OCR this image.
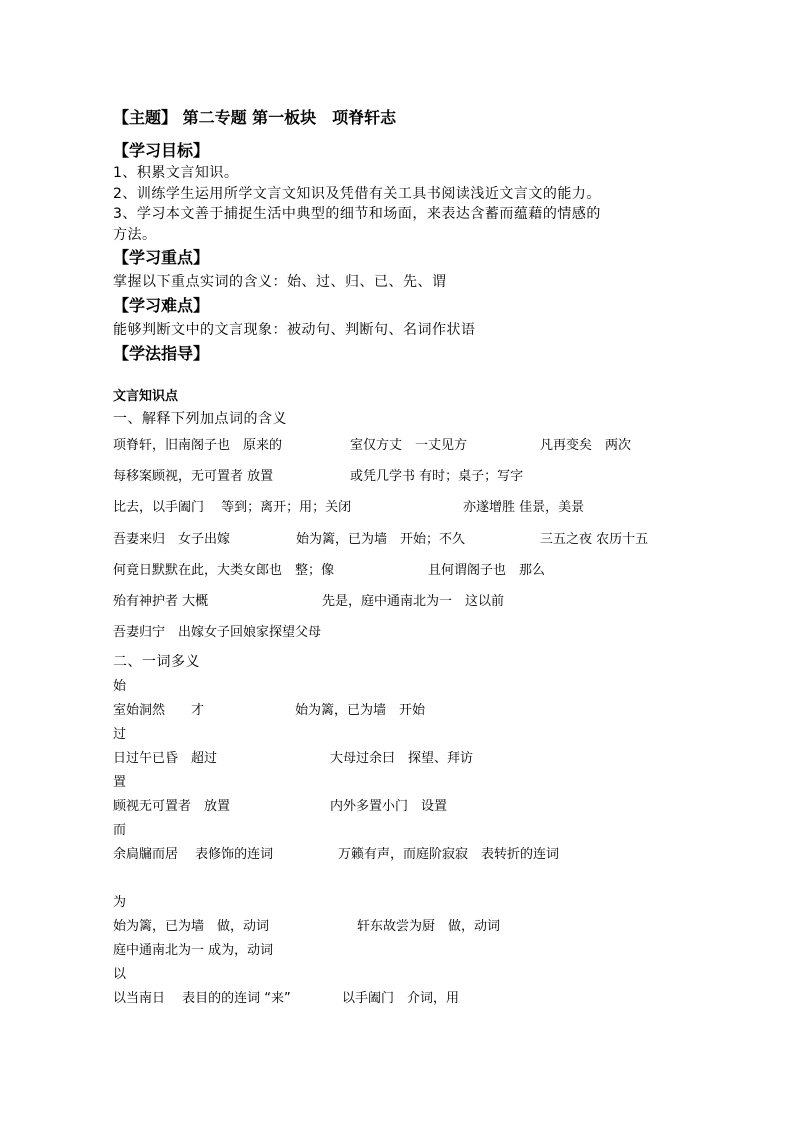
【主题】 第二专题 第一板块　项脊轩志
【学习目标】
1、积累文言知识。
2、训练学生运用所学文言文知识及凭借有关工具书阅读浅近文言文的能力。
3、学习本文善于捕捉生活中典型的细节和场面，来表达含蓄而蕴藉的情感的
方法。
【学习重点】
掌握以下重点实词的含义：始、过、归、已、先、谓
【学习难点】
能够判断文中的文言现象：被动句、判断句、名词作状语
【学法指导】
文言知识点
一、解释下列加点词的含义
项脊轩，旧南阁子也　原来的	室仅方丈　一丈见方	凡再变矣　两次
每移案顾视，无可置者 放置	或凭几学书 有时；桌子；写字
比去，以手阖门　 等到；离开；用；关闭	亦遂增胜 佳景，美景
吾妻来归　女子出嫁	始为篱，已为墙　开始；不久	三五之夜 农历十五
何竟日默默在此，大类女郎也　整；像	且何谓阁子也　那么
殆有神护者 大概	先是，庭中通南北为一　这以前
吾妻归宁　出嫁女子回娘家探望父母
二、一词多义
始
室始洞然　　才	始为篱，已为墙　开始
过
日过午已昏　超过	大母过余曰　探望、拜访
置
顾视无可置者　放置	内外多置小门　设置
而
余扃牖而居　 表修饰的连词	万籁有声，而庭阶寂寂　表转折的连词
为
始为篱，已为墙　做，动词	轩东故尝为厨　做，动词
庭中通南北为一 成为，动词
以
以当南日　 表目的的连词 “来”	以手阖门　介词，用
